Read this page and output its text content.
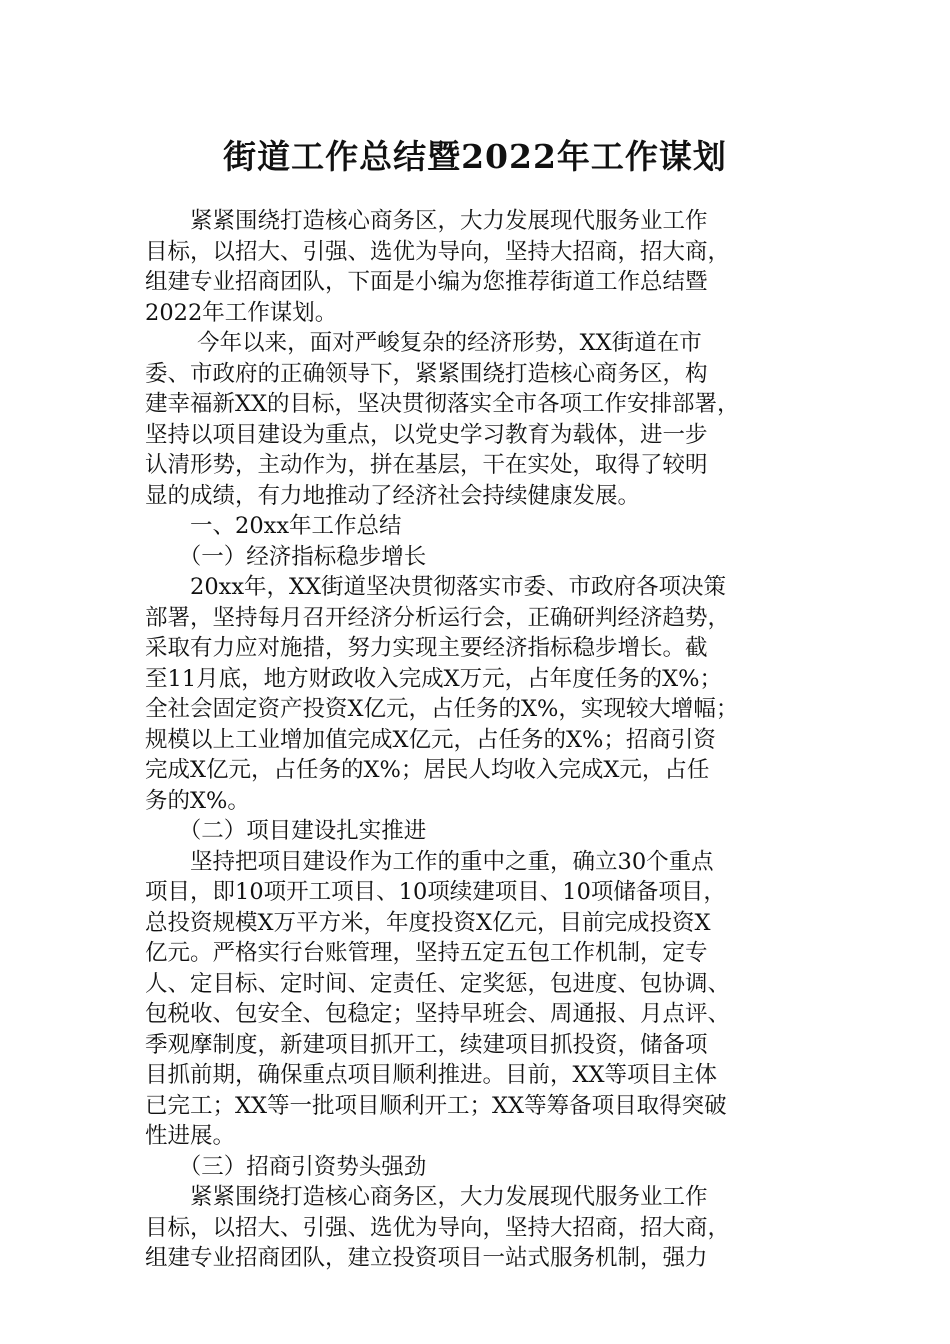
街道工作总结暨2022年工作谋划
　　紧紧围绕打造核心商务区，大力发展现代服务业工作
目标，以招大、引强、选优为导向，坚持大招商，招大商，
组建专业招商团队，下面是小编为您推荐街道工作总结暨
2022年工作谋划。
　　 今年以来，面对严峻复杂的经济形势，XX街道在市
委、市政府的正确领导下，紧紧围绕打造核心商务区，构
建幸福新XX的目标，坚决贯彻落实全市各项工作安排部署，
坚持以项目建设为重点，以党史学习教育为载体，进一步
认清形势，主动作为，拼在基层，干在实处，取得了较明
显的成绩，有力地推动了经济社会持续健康发展。
　　一、20xx年工作总结
　　（一）经济指标稳步增长
　　20xx年，XX街道坚决贯彻落实市委、市政府各项决策
部署，坚持每月召开经济分析运行会，正确研判经济趋势，
采取有力应对施措，努力实现主要经济指标稳步增长。截
至11月底，地方财政收入完成X万元，占年度任务的X%；
全社会固定资产投资X亿元，占任务的X%，实现较大增幅；
规模以上工业增加值完成X亿元，占任务的X%；招商引资
完成X亿元，占任务的X%；居民人均收入完成X元，占任
务的X%。
　　（二）项目建设扎实推进
　　坚持把项目建设作为工作的重中之重，确立30个重点
项目，即10项开工项目、10项续建项目、10项储备项目，
总投资规模X万平方米，年度投资X亿元，目前完成投资X
亿元。严格实行台账管理，坚持五定五包工作机制，定专
人、定目标、定时间、定责任、定奖惩，包进度、包协调、
包税收、包安全、包稳定；坚持早班会、周通报、月点评、
季观摩制度，新建项目抓开工，续建项目抓投资，储备项
目抓前期，确保重点项目顺利推进。目前，XX等项目主体
已完工；XX等一批项目顺利开工；XX等筹备项目取得突破
性进展。
　　（三）招商引资势头强劲
　　紧紧围绕打造核心商务区，大力发展现代服务业工作
目标，以招大、引强、选优为导向，坚持大招商，招大商，
组建专业招商团队，建立投资项目一站式服务机制，强力
